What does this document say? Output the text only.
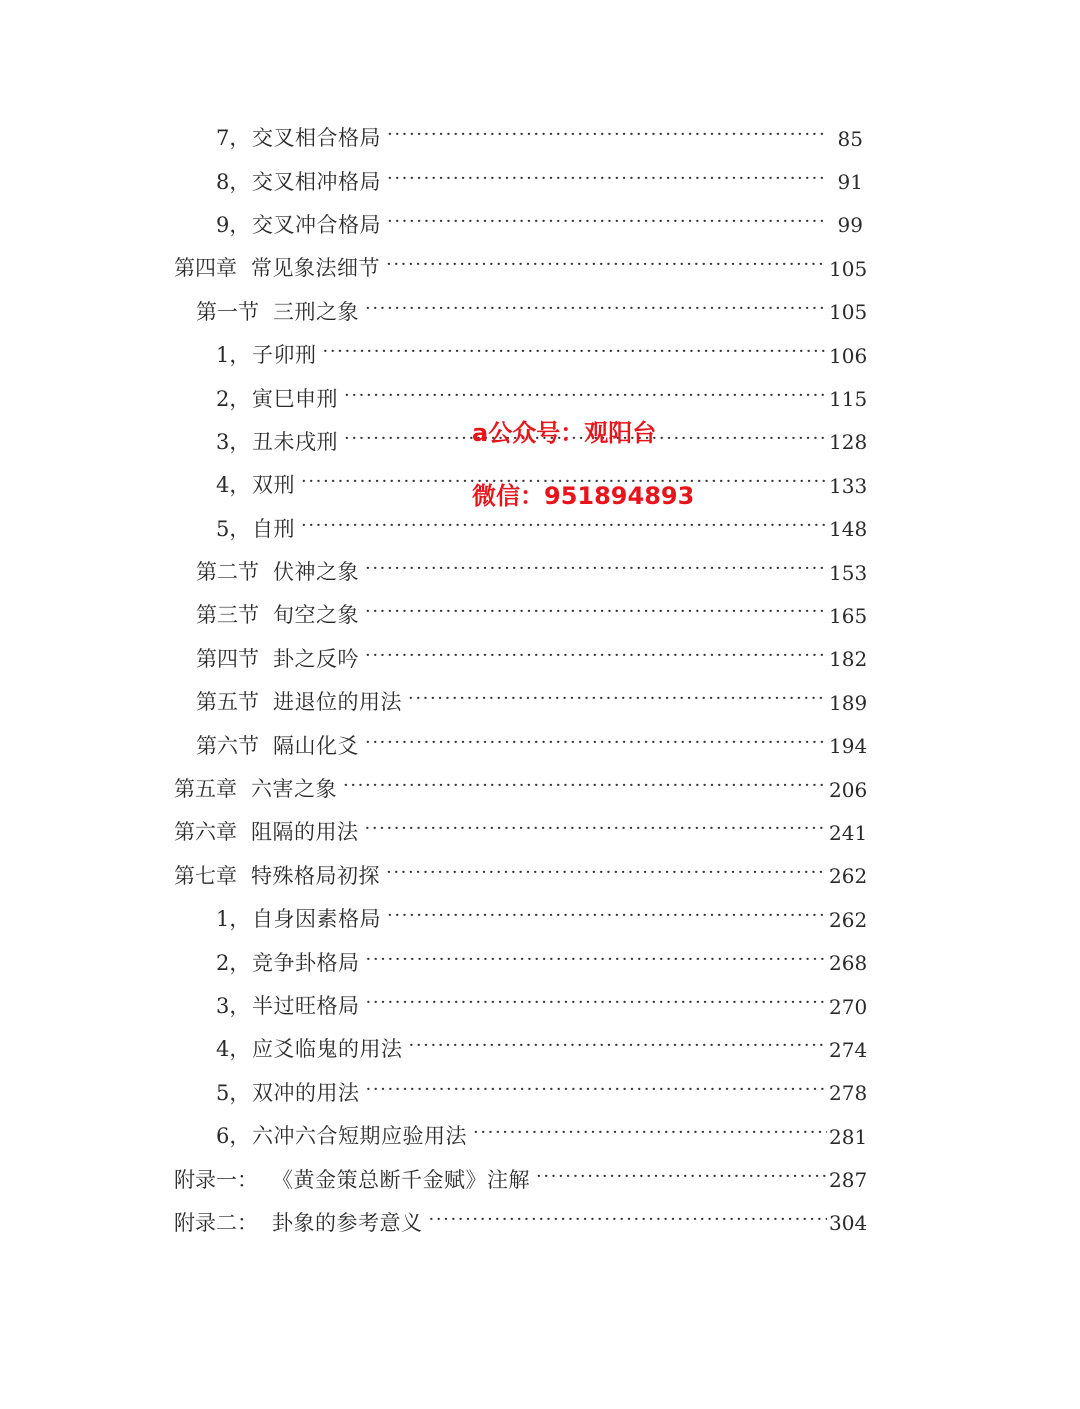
7， 交叉相合格局 ·····	85
8， 交叉相冲格局 ·····	91
9， 交叉冲合格局 ·····	99
第四章 常见象法细节 ·····	105
第一节 三刑之象 ·····	105
1， 子卯刑 ·····	106
2， 寅巳申刑 ·····	115
3， 丑未戌刑 ·····	128
4， 双刑 ·····	133
5， 自刑 ·····	148
第二节 伏神之象 ·····	153
第三节 旬空之象 ·····	165
第四节 卦之反吟 ·····	182
第五节 进退位的用法 ·····	189
第六节 隔山化爻 ·····	194
第五章 六害之象 ·····	206
第六章 阻隔的用法 ·····	241
第七章 特殊格局初探 ·····	262
1， 自身因素格局 ·····	262
2， 竞争卦格局 ·····	268
3， 半过旺格局 ·····	270
4， 应爻临鬼的用法 ·····	274
5， 双冲的用法 ·····	278
6， 六冲六合短期应验用法 ·····	281
附录一： 《黄金策总断千金赋》注解 ·····	287
附录二： 卦象的参考意义 ·····	304
a公众号：观阳台
微信：951894893
